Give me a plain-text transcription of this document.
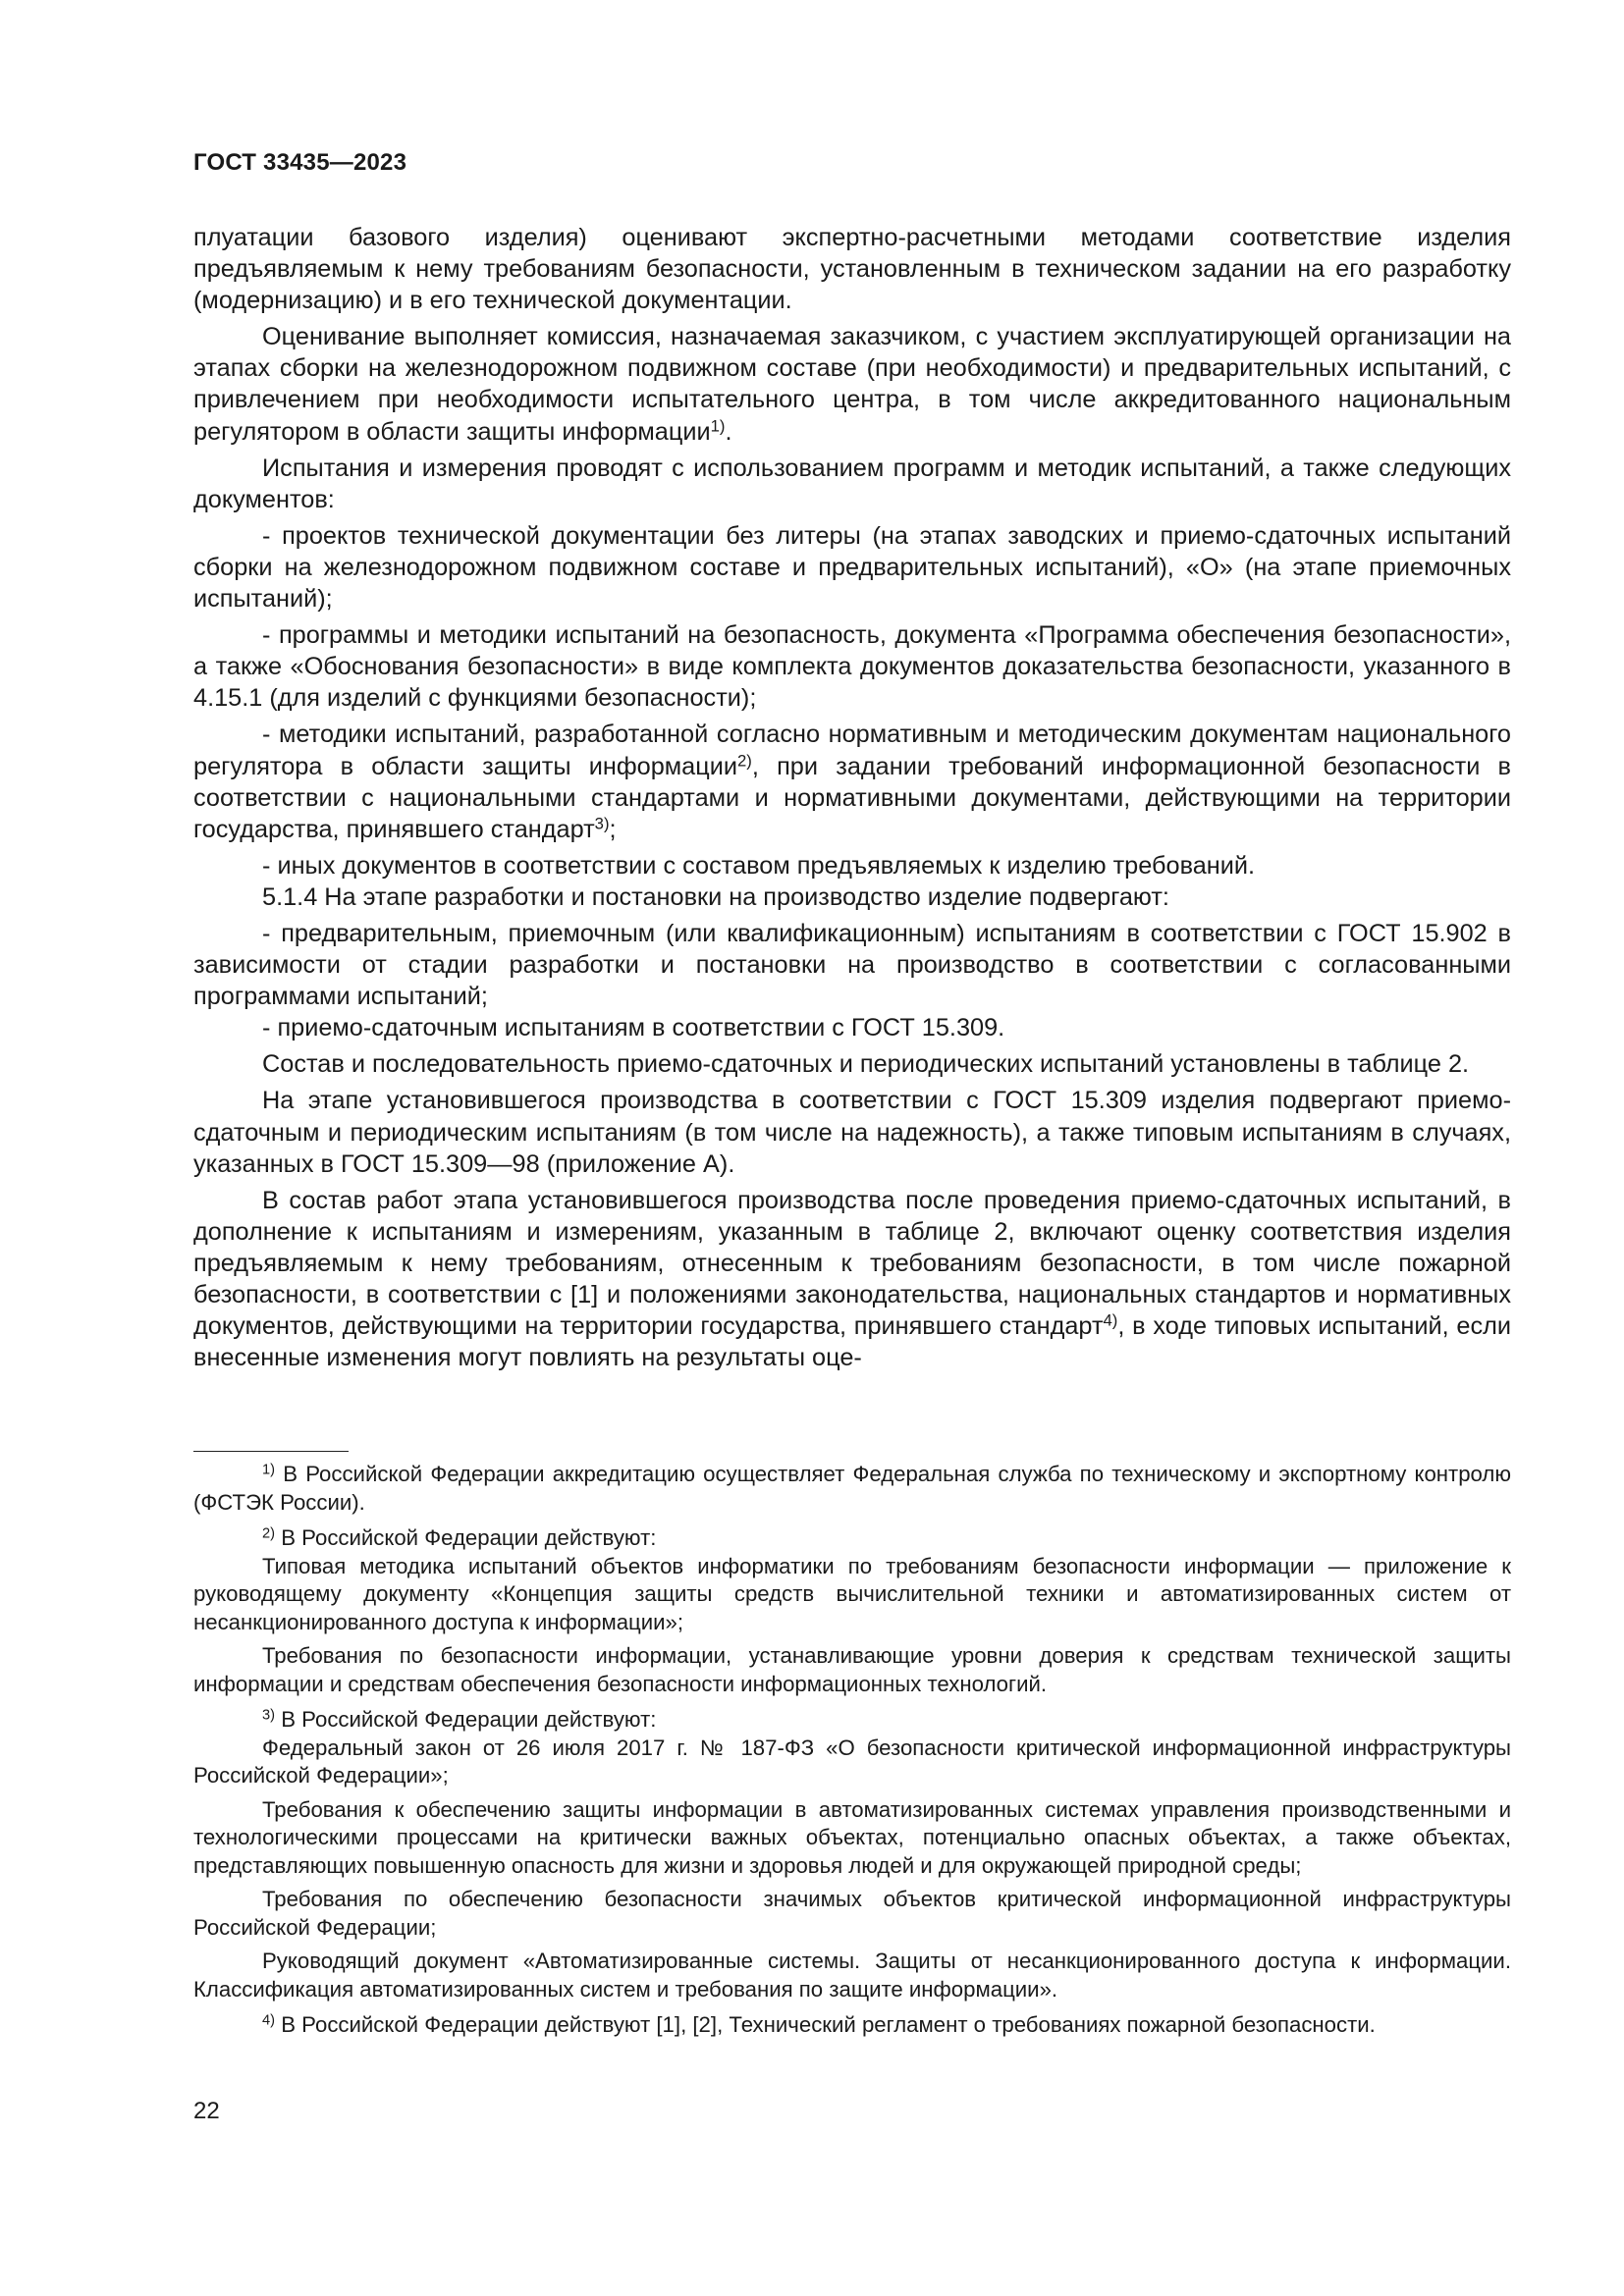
ГОСТ 33435—2023

плуатации базового изделия) оценивают экспертно-расчетными методами соответствие изделия предъявляемым к нему требованиям безопасности, установленным в техническом задании на его разработку (модернизацию) и в его технической документации.

Оценивание выполняет комиссия, назначаемая заказчиком, с участием эксплуатирующей организации на этапах сборки на железнодорожном подвижном составе (при необходимости) и предварительных испытаний, с привлечением при необходимости испытательного центра, в том числе аккредитованного национальным регулятором в области защиты информации$^{1)}$.

Испытания и измерения проводят с использованием программ и методик испытаний, а также следующих документов:

- проектов технической документации без литеры (на этапах заводских и приемо-сдаточных испытаний сборки на железнодорожном подвижном составе и предварительных испытаний), «О» (на этапе приемочных испытаний);

- программы и методики испытаний на безопасность, документа «Программа обеспечения безопасности», а также «Обоснования безопасности» в виде комплекта документов доказательства безопасности, указанного в 4.15.1 (для изделий с функциями безопасности);

- методики испытаний, разработанной согласно нормативным и методическим документам национального регулятора в области защиты информации$^{2)}$, при задании требований информационной безопасности в соответствии с национальными стандартами и нормативными документами, действующими на территории государства, принявшего стандарт$^{3)}$;

- иных документов в соответствии с составом предъявляемых к изделию требований.

5.1.4 На этапе разработки и постановки на производство изделие подвергают:

- предварительным, приемочным (или квалификационным) испытаниям в соответствии с ГОСТ 15.902 в зависимости от стадии разработки и постановки на производство в соответствии с согласованными программами испытаний;

- приемо-сдаточным испытаниям в соответствии с ГОСТ 15.309.

Состав и последовательность приемо-сдаточных и периодических испытаний установлены в таблице 2.

На этапе установившегося производства в соответствии с ГОСТ 15.309 изделия подвергают приемо-сдаточным и периодическим испытаниям (в том числе на надежность), а также типовым испытаниям в случаях, указанных в ГОСТ 15.309—98 (приложение А).

В состав работ этапа установившегося производства после проведения приемо-сдаточных испытаний, в дополнение к испытаниям и измерениям, указанным в таблице 2, включают оценку соответствия изделия предъявляемым к нему требованиям, отнесенным к требованиям безопасности, в том числе пожарной безопасности, в соответствии с [1] и положениями законодательства, национальных стандартов и нормативных документов, действующими на территории государства, принявшего стандарт$^{4)}$, в ходе типовых испытаний, если внесенные изменения могут повлиять на результаты оце-

$^{1)}$ В Российской Федерации аккредитацию осуществляет Федеральная служба по техническому и экспортному контролю (ФСТЭК России).

$^{2)}$ В Российской Федерации действуют:

Типовая методика испытаний объектов информатики по требованиям безопасности информации — приложение к руководящему документу «Концепция защиты средств вычислительной техники и автоматизированных систем от несанкционированного доступа к информации»;

Требования по безопасности информации, устанавливающие уровни доверия к средствам технической защиты информации и средствам обеспечения безопасности информационных технологий.

$^{3)}$ В Российской Федерации действуют:

Федеральный закон от 26 июля 2017 г. № 187-ФЗ «О безопасности критической информационной инфраструктуры Российской Федерации»;

Требования к обеспечению защиты информации в автоматизированных системах управления производственными и технологическими процессами на критически важных объектах, потенциально опасных объектах, а также объектах, представляющих повышенную опасность для жизни и здоровья людей и для окружающей природной среды;

Требования по обеспечению безопасности значимых объектов критической информационной инфраструктуры Российской Федерации;

Руководящий документ «Автоматизированные системы. Защиты от несанкционированного доступа к информации. Классификация автоматизированных систем и требования по защите информации».

$^{4)}$ В Российской Федерации действуют [1], [2], Технический регламент о требованиях пожарной безопасности.

22
